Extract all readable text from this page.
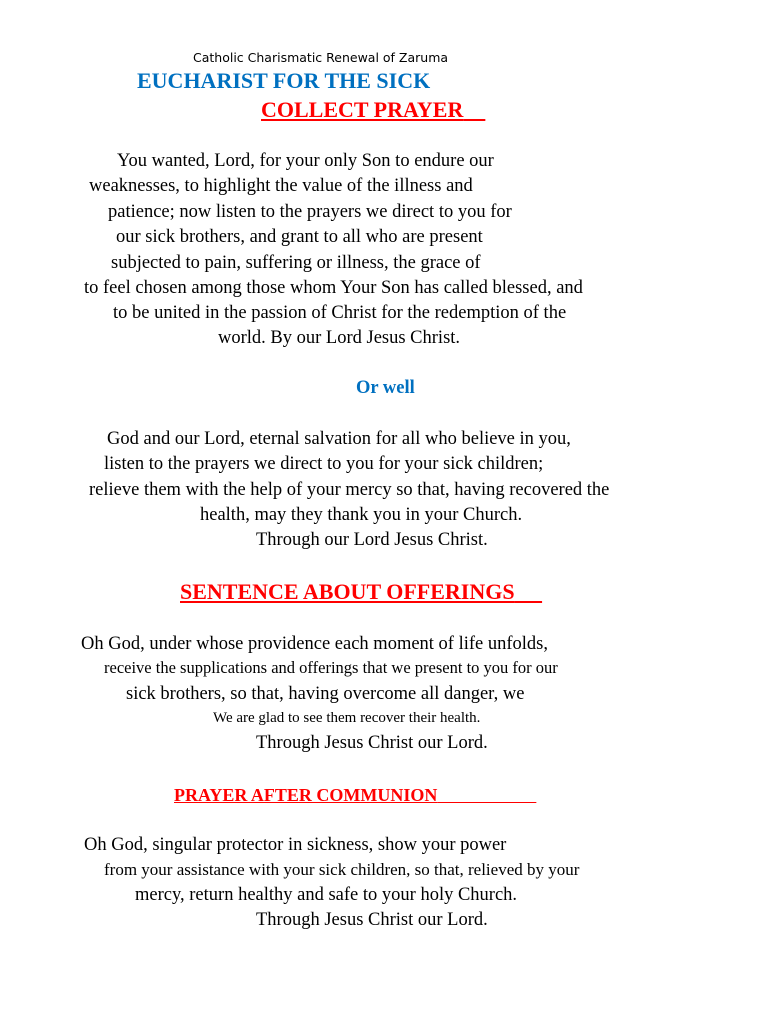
Catholic Charismatic Renewal of Zaruma
EUCHARIST FOR THE SICK
COLLECT PRAYER
You wanted, Lord, for your only Son to endure our
weaknesses, to highlight the value of the illness and
patience; now listen to the prayers we direct to you for
our sick brothers, and grant to all who are present
subjected to pain, suffering or illness, the grace of
to feel chosen among those whom Your Son has called blessed, and
to be united in the passion of Christ for the redemption of the
world. By our Lord Jesus Christ.
Or well
God and our Lord, eternal salvation for all who believe in you,
listen to the prayers we direct to you for your sick children;
relieve them with the help of your mercy so that, having recovered the
health, may they thank you in your Church.
Through our Lord Jesus Christ.
SENTENCE ABOUT OFFERINGS
Oh God, under whose providence each moment of life unfolds,
receive the supplications and offerings that we present to you for our
sick brothers, so that, having overcome all danger, we
We are glad to see them recover their health.
Through Jesus Christ our Lord.
PRAYER AFTER COMMUNION
Oh God, singular protector in sickness, show your power
from your assistance with your sick children, so that, relieved by your
mercy, return healthy and safe to your holy Church.
Through Jesus Christ our Lord.
